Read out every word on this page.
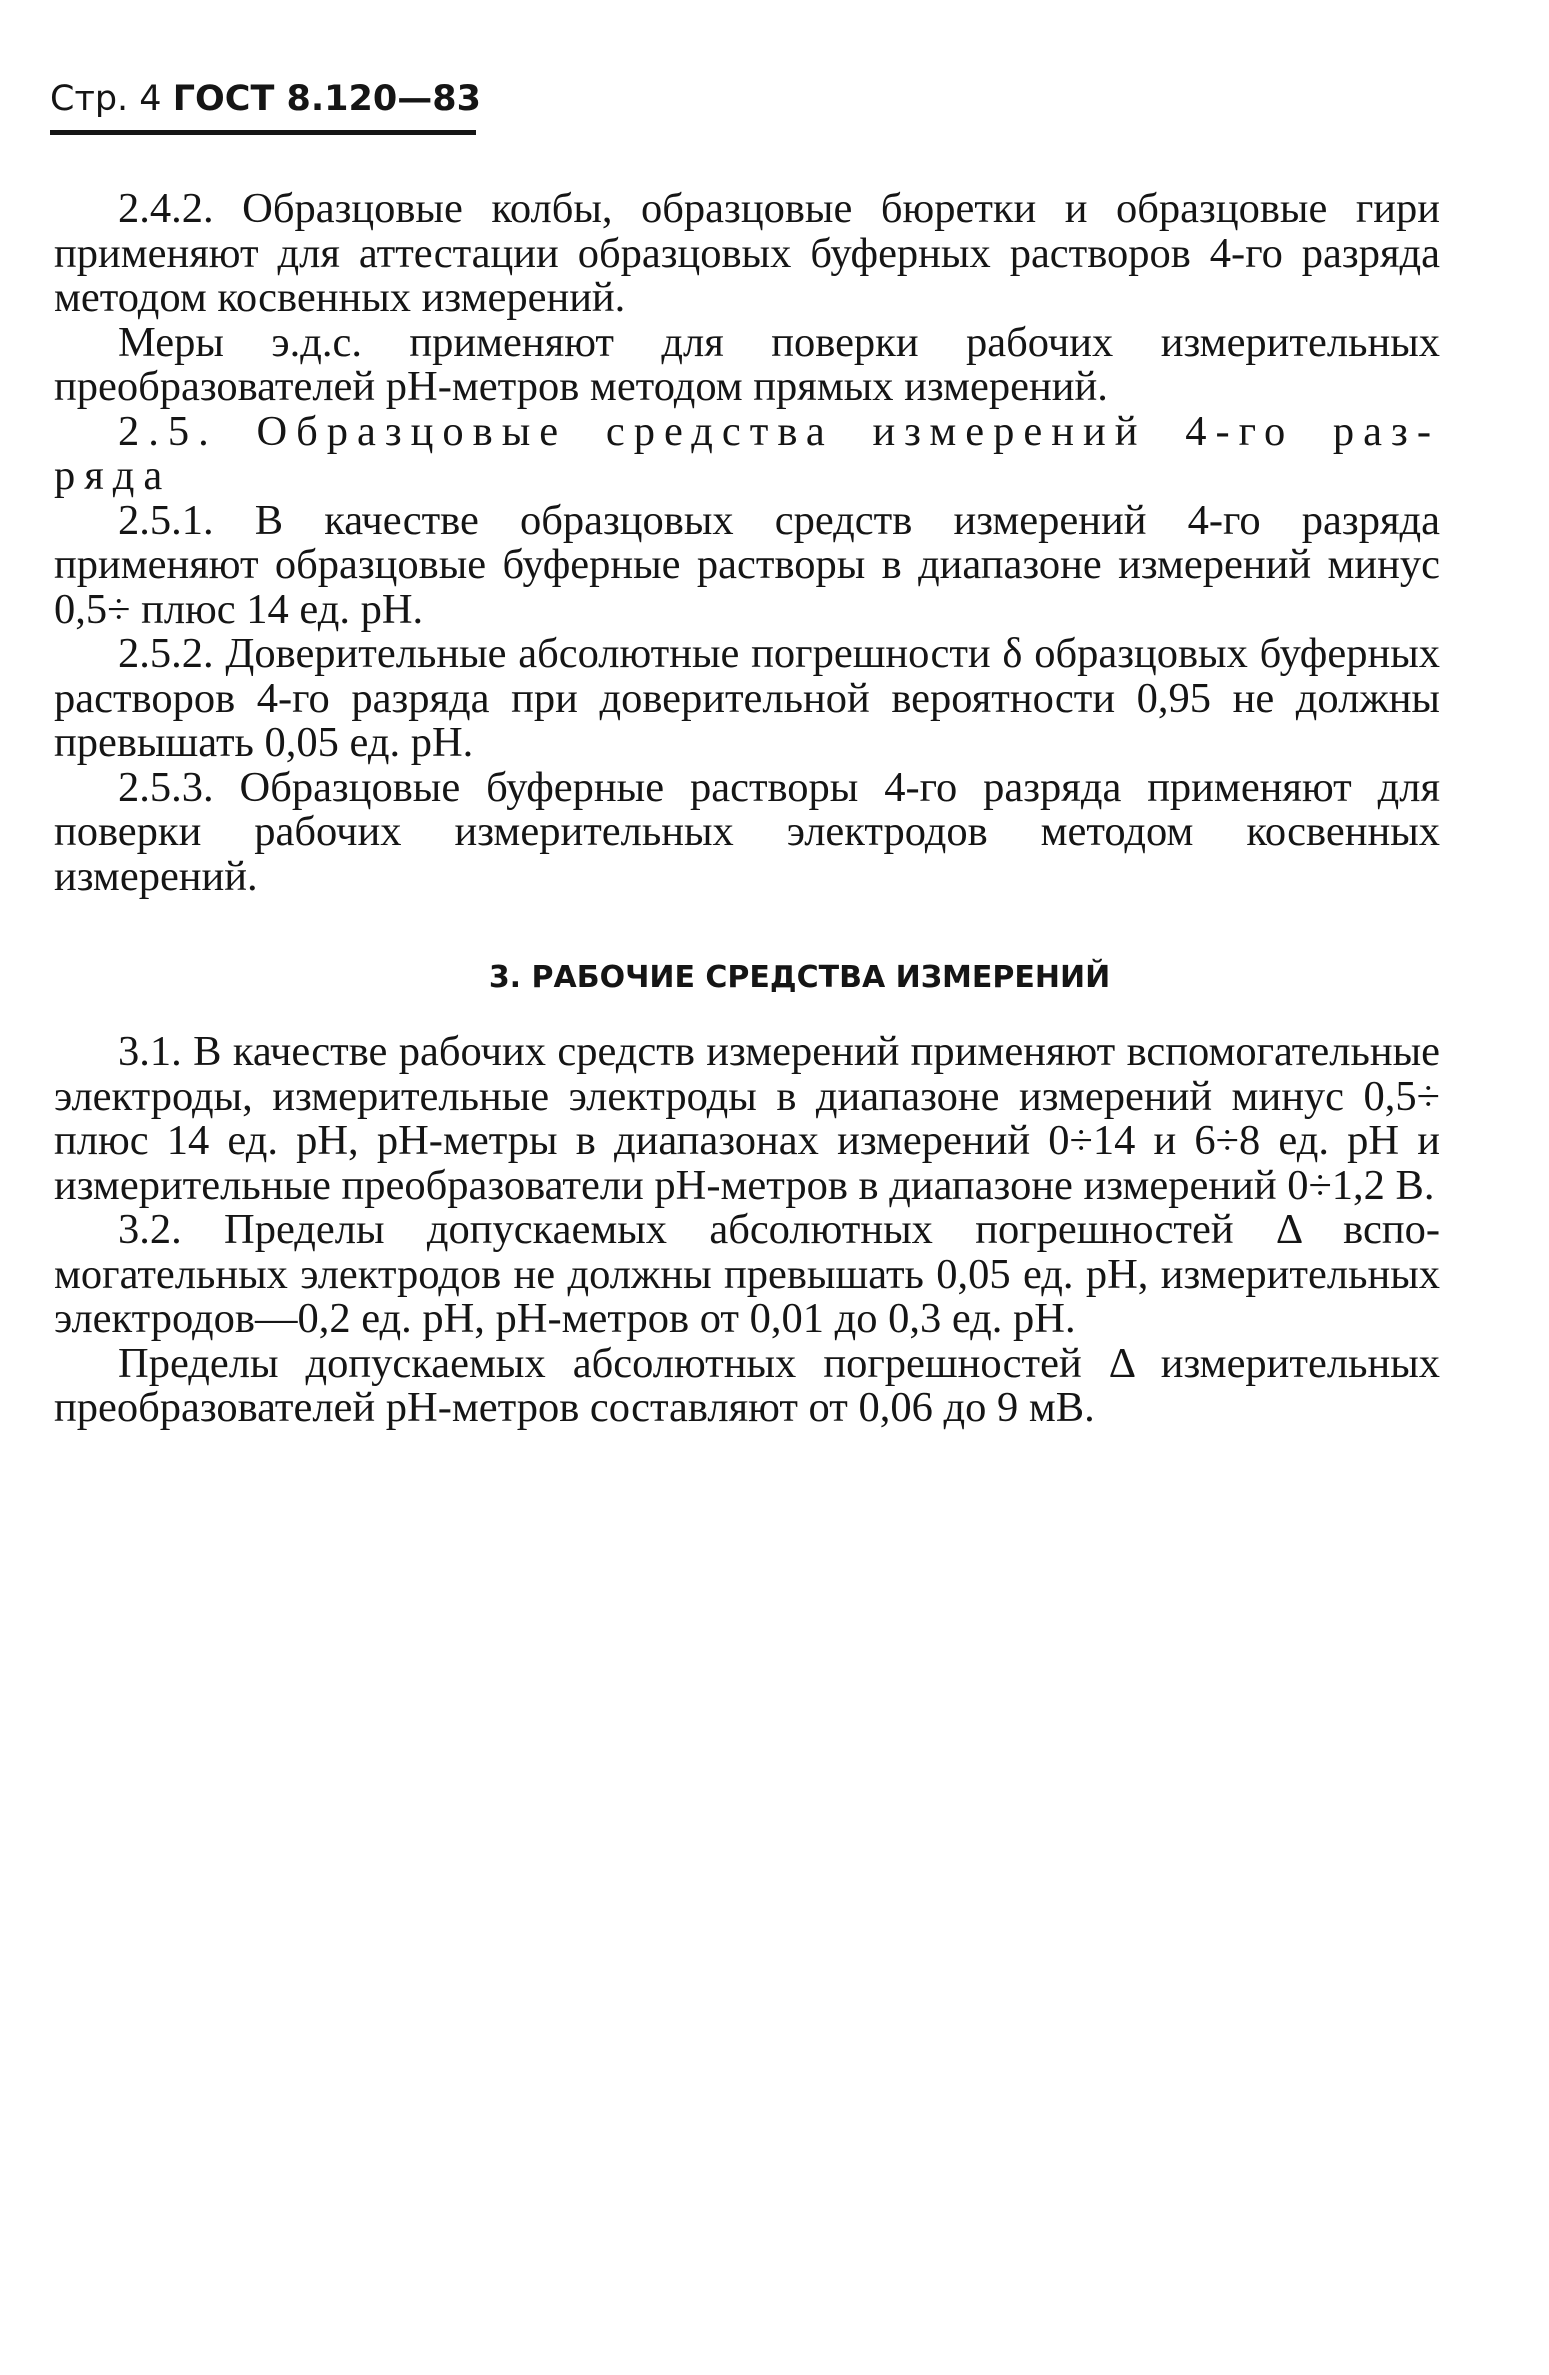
Стр. 4 ГОСТ 8.120—83

2.4.2. Образцовые колбы, образцовые бюретки и образцовые гири применяют для аттестации образцовых буферных растворов 4-го разряда методом косвенных измерений.

Меры э.д.с. применяют для поверки рабочих измерительных преобразователей pH-метров методом прямых измерений.

2.5. Образцовые средства измерений 4-го раз-ряда

2.5.1. В качестве образцовых средств измерений 4-го разряда применяют образцовые буферные растворы в диапазоне измерений минус 0,5÷ плюс 14 ед. pH.

2.5.2. Доверительные абсолютные погрешности δ образцовых буферных растворов 4-го разряда при доверительной вероятности 0,95 не должны превышать 0,05 ед. pH.

2.5.3. Образцовые буферные растворы 4-го разряда применяют для поверки рабочих измерительных электродов методом косвенных измерений.

3. РАБОЧИЕ СРЕДСТВА ИЗМЕРЕНИЙ

3.1. В качестве рабочих средств измерений применяют вспомогательные электроды, измерительные электроды в диапазоне измерений минус 0,5÷ плюс 14 ед. pH, pH-метры в диапазонах измерений 0÷14 и 6÷8 ед. pH и измерительные преобразователи pH-метров в диапазоне измерений 0÷1,2 В.

3.2. Пределы допускаемых абсолютных погрешностей Δ вспомогательных электродов не должны превышать 0,05 ед. pH, измерительных электродов—0,2 ед. pH, pH-метров от 0,01 до 0,3 ед. pH.

Пределы допускаемых абсолютных погрешностей Δ измерительных преобразователей pH-метров составляют от 0,06 до 9 мВ.
